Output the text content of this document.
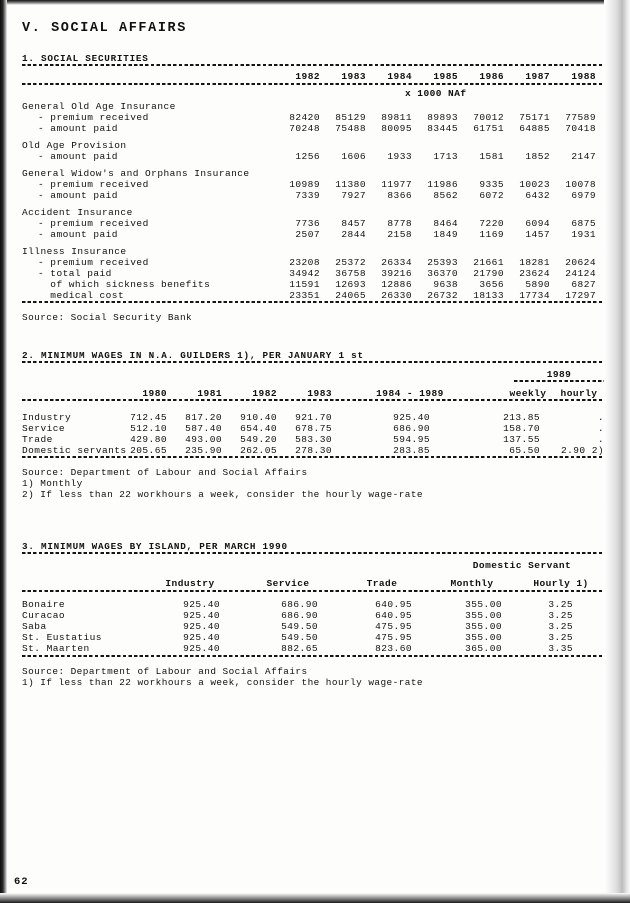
V. SOCIAL AFFAIRS
1. SOCIAL SECURITIES
1982	1983	1984	1985	1986	1987	1988
x 1000 NAf
General Old Age Insurance
- premium received	82420	85129	89811	89893	70012	75171	77589
- amount paid	70248	75488	80095	83445	61751	64885	70418
Old Age Provision
- amount paid	1256	1606	1933	1713	1581	1852	2147
General Widow's and Orphans Insurance
- premium received	10989	11380	11977	11986	9335	10023	10078
- amount paid	7339	7927	8366	8562	6072	6432	6979
Accident Insurance
- premium received	7736	8457	8778	8464	7220	6094	6875
- amount paid	2507	2844	2158	1849	1169	1457	1931
Illness Insurance
- premium received	23208	25372	26334	25393	21661	18281	20624
- total paid	34942	36758	39216	36370	21790	23624	24124
of which sickness benefits	11591	12693	12886	9638	3656	5890	6827
medical cost	23351	24065	26330	26732	18133	17734	17297
Source: Social Security Bank
2. MINIMUM WAGES IN N.A. GUILDERS 1), PER JANUARY 1 st
1989
1980	1981	1982	1983	1984 - 1989	weekly	hourly
Industry	712.45	817.20	910.40	921.70	925.40	213.85	.
Service	512.10	587.40	654.40	678.75	686.90	158.70	.
Trade	429.80	493.00	549.20	583.30	594.95	137.55	.
Domestic servants 205.65	235.90	262.05	278.30	283.85	65.50	2.90 2)
Source: Department of Labour and Social Affairs
1) Monthly
2) If less than 22 workhours a week, consider the hourly wage-rate
3. MINIMUM WAGES BY ISLAND, PER MARCH 1990
Domestic Servant
Industry	Service	Trade	Monthly	Hourly 1)
Bonaire	925.40	686.90	640.95	355.00	3.25
Curacao	925.40	686.90	640.95	355.00	3.25
Saba	925.40	549.50	475.95	355.00	3.25
St. Eustatius	925.40	549.50	475.95	355.00	3.25
St. Maarten	925.40	882.65	823.60	365.00	3.35
Source: Department of Labour and Social Affairs
1) If less than 22 workhours a week, consider the hourly wage-rate
62
